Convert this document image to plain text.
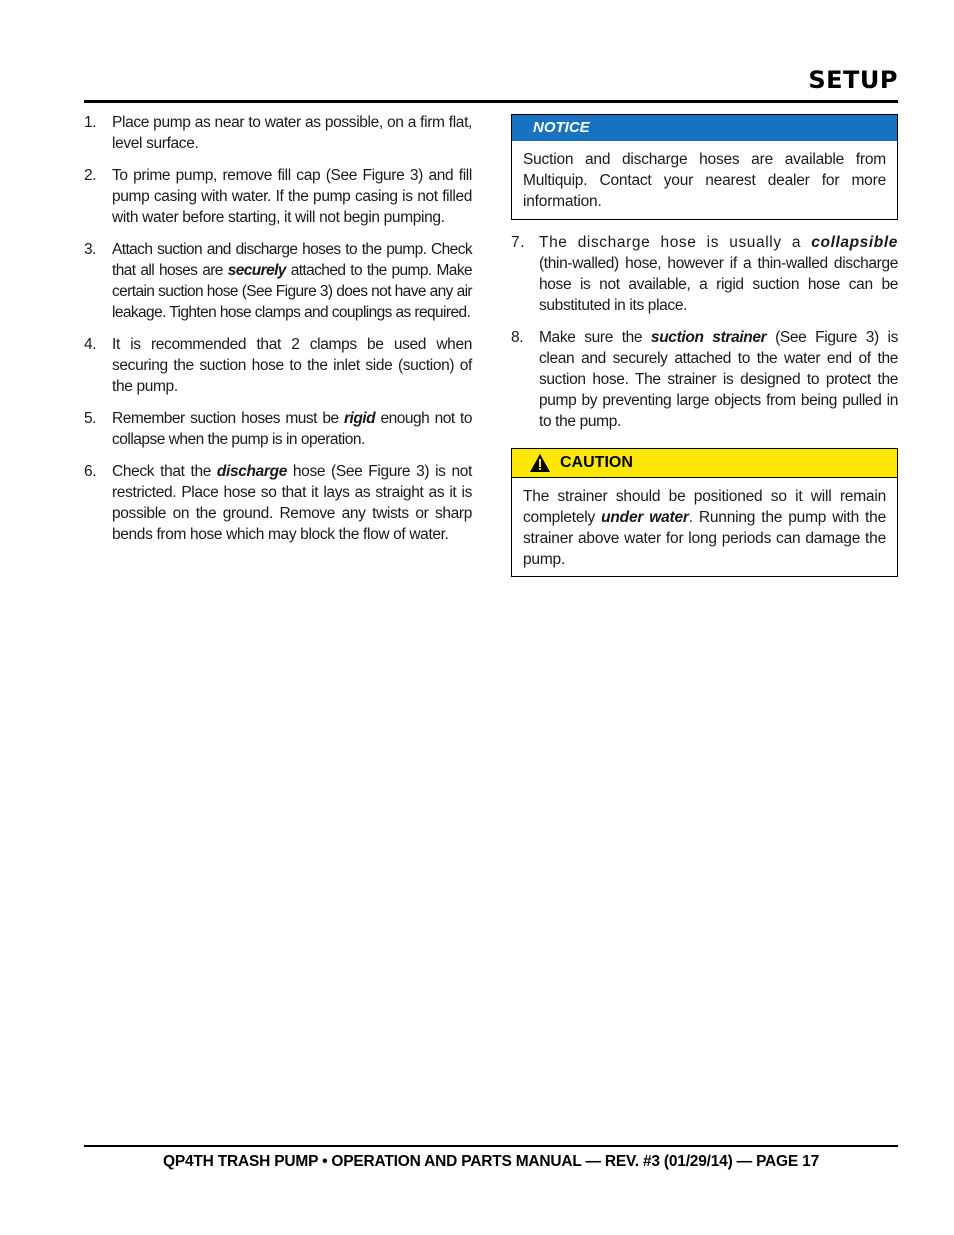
SETUP
1. Place pump as near to water as possible, on a firm flat, level surface.
2. To prime pump, remove fill cap (See Figure 3) and fill pump casing with water. If the pump casing is not filled with water before starting, it will not begin pumping.
3. Attach suction and discharge hoses to the pump. Check that all hoses are securely attached to the pump. Make certain suction hose (See Figure 3) does not have any air leakage. Tighten hose clamps and couplings as required.
4. It is recommended that 2 clamps be used when securing the suction hose to the inlet side (suction) of the pump.
5. Remember suction hoses must be rigid enough not to collapse when the pump is in operation.
6. Check that the discharge hose (See Figure 3) is not restricted. Place hose so that it lays as straight as it is possible on the ground. Remove any twists or sharp bends from hose which may block the flow of water.
NOTICE
Suction and discharge hoses are available from Multiquip. Contact your nearest dealer for more information.
7. The discharge hose is usually a collapsible (thin-walled) hose, however if a thin-walled discharge hose is not available, a rigid suction hose can be substituted in its place.
8. Make sure the suction strainer (See Figure 3) is clean and securely attached to the water end of the suction hose. The strainer is designed to protect the pump by preventing large objects from being pulled in to the pump.
CAUTION
The strainer should be positioned so it will remain completely under water. Running the pump with the strainer above water for long periods can damage the pump.
QP4TH TRASH PUMP • OPERATION AND PARTS MANUAL — REV. #3 (01/29/14) — PAGE 17
